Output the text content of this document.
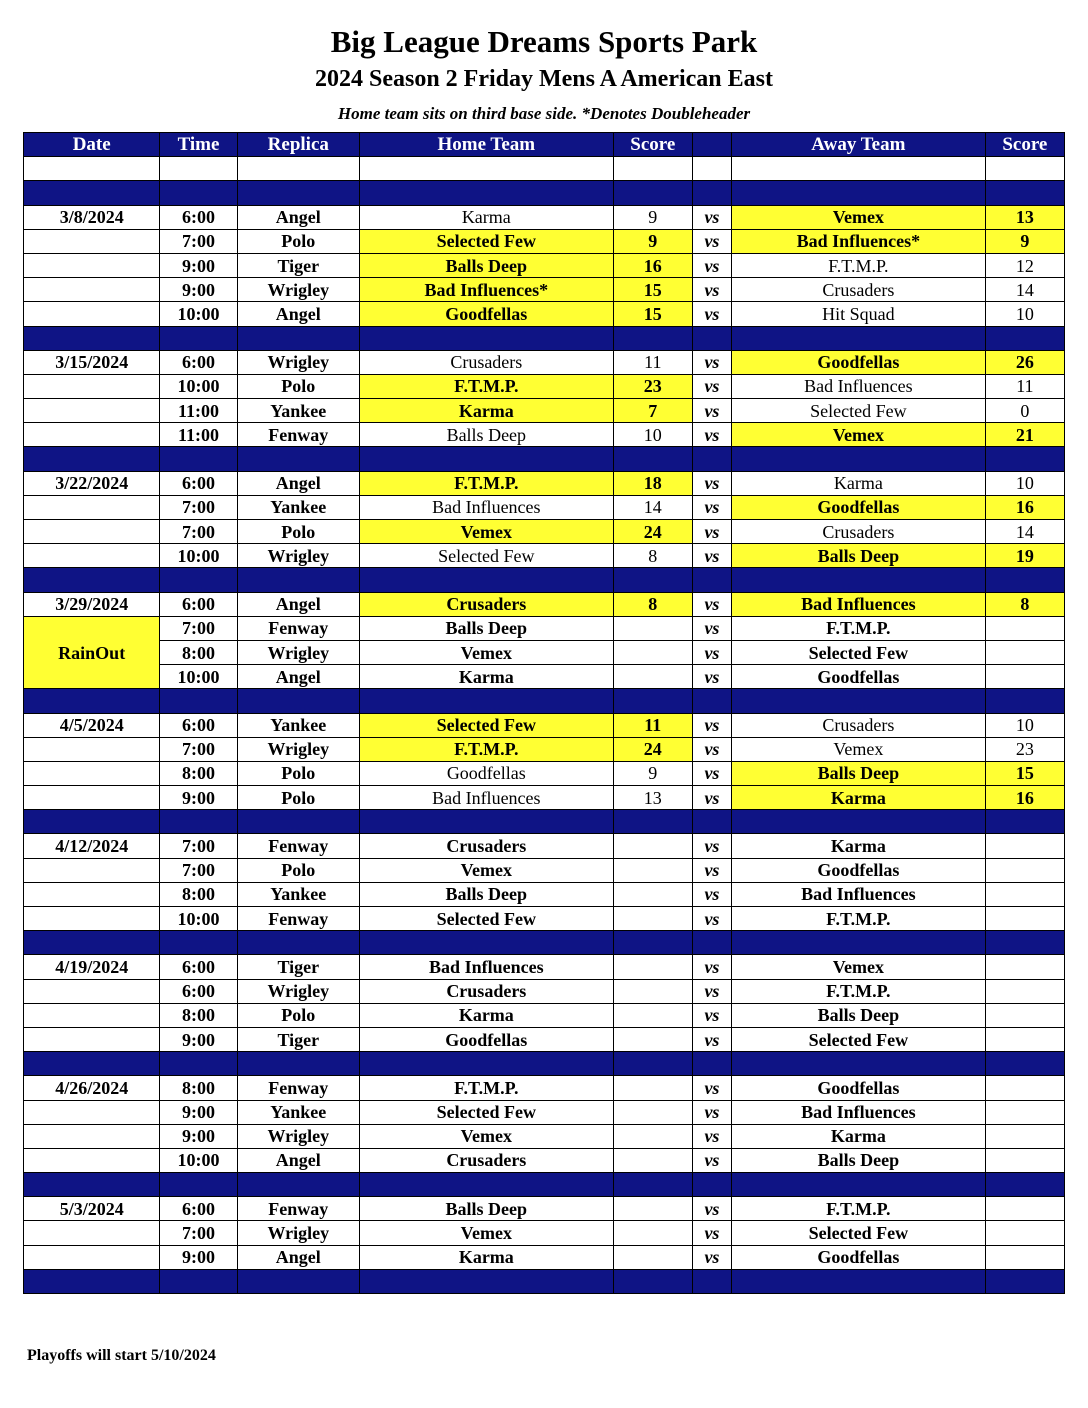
Big League Dreams Sports Park
2024 Season 2 Friday Mens A American East
Home team sits on third base side. *Denotes Doubleheader
Date	Time	Replica	Home Team	Score		Away Team	Score

3/8/2024	6:00	Angel	Karma	9	vs	Vemex	13
	7:00	Polo	Selected Few	9	vs	Bad Influences*	9
	9:00	Tiger	Balls Deep	16	vs	F.T.M.P.	12
	9:00	Wrigley	Bad Influences*	15	vs	Crusaders	14
	10:00	Angel	Goodfellas	15	vs	Hit Squad	10

3/15/2024	6:00	Wrigley	Crusaders	11	vs	Goodfellas	26
	10:00	Polo	F.T.M.P.	23	vs	Bad Influences	11
	11:00	Yankee	Karma	7	vs	Selected Few	0
	11:00	Fenway	Balls Deep	10	vs	Vemex	21

3/22/2024	6:00	Angel	F.T.M.P.	18	vs	Karma	10
	7:00	Yankee	Bad Influences	14	vs	Goodfellas	16
	7:00	Polo	Vemex	24	vs	Crusaders	14
	10:00	Wrigley	Selected Few	8	vs	Balls Deep	19

3/29/2024	6:00	Angel	Crusaders	8	vs	Bad Influences	8
RainOut	7:00	Fenway	Balls Deep		vs	F.T.M.P.	
	8:00	Wrigley	Vemex		vs	Selected Few	
	10:00	Angel	Karma		vs	Goodfellas	

4/5/2024	6:00	Yankee	Selected Few	11	vs	Crusaders	10
	7:00	Wrigley	F.T.M.P.	24	vs	Vemex	23
	8:00	Polo	Goodfellas	9	vs	Balls Deep	15
	9:00	Polo	Bad Influences	13	vs	Karma	16

4/12/2024	7:00	Fenway	Crusaders		vs	Karma	
	7:00	Polo	Vemex		vs	Goodfellas	
	8:00	Yankee	Balls Deep		vs	Bad Influences	
	10:00	Fenway	Selected Few		vs	F.T.M.P.	

4/19/2024	6:00	Tiger	Bad Influences		vs	Vemex	
	6:00	Wrigley	Crusaders		vs	F.T.M.P.	
	8:00	Polo	Karma		vs	Balls Deep	
	9:00	Tiger	Goodfellas		vs	Selected Few	

4/26/2024	8:00	Fenway	F.T.M.P.		vs	Goodfellas	
	9:00	Yankee	Selected Few		vs	Bad Influences	
	9:00	Wrigley	Vemex		vs	Karma	
	10:00	Angel	Crusaders		vs	Balls Deep	

5/3/2024	6:00	Fenway	Balls Deep		vs	F.T.M.P.	
	7:00	Wrigley	Vemex		vs	Selected Few	
	9:00	Angel	Karma		vs	Goodfellas	

Playoffs will start 5/10/2024
